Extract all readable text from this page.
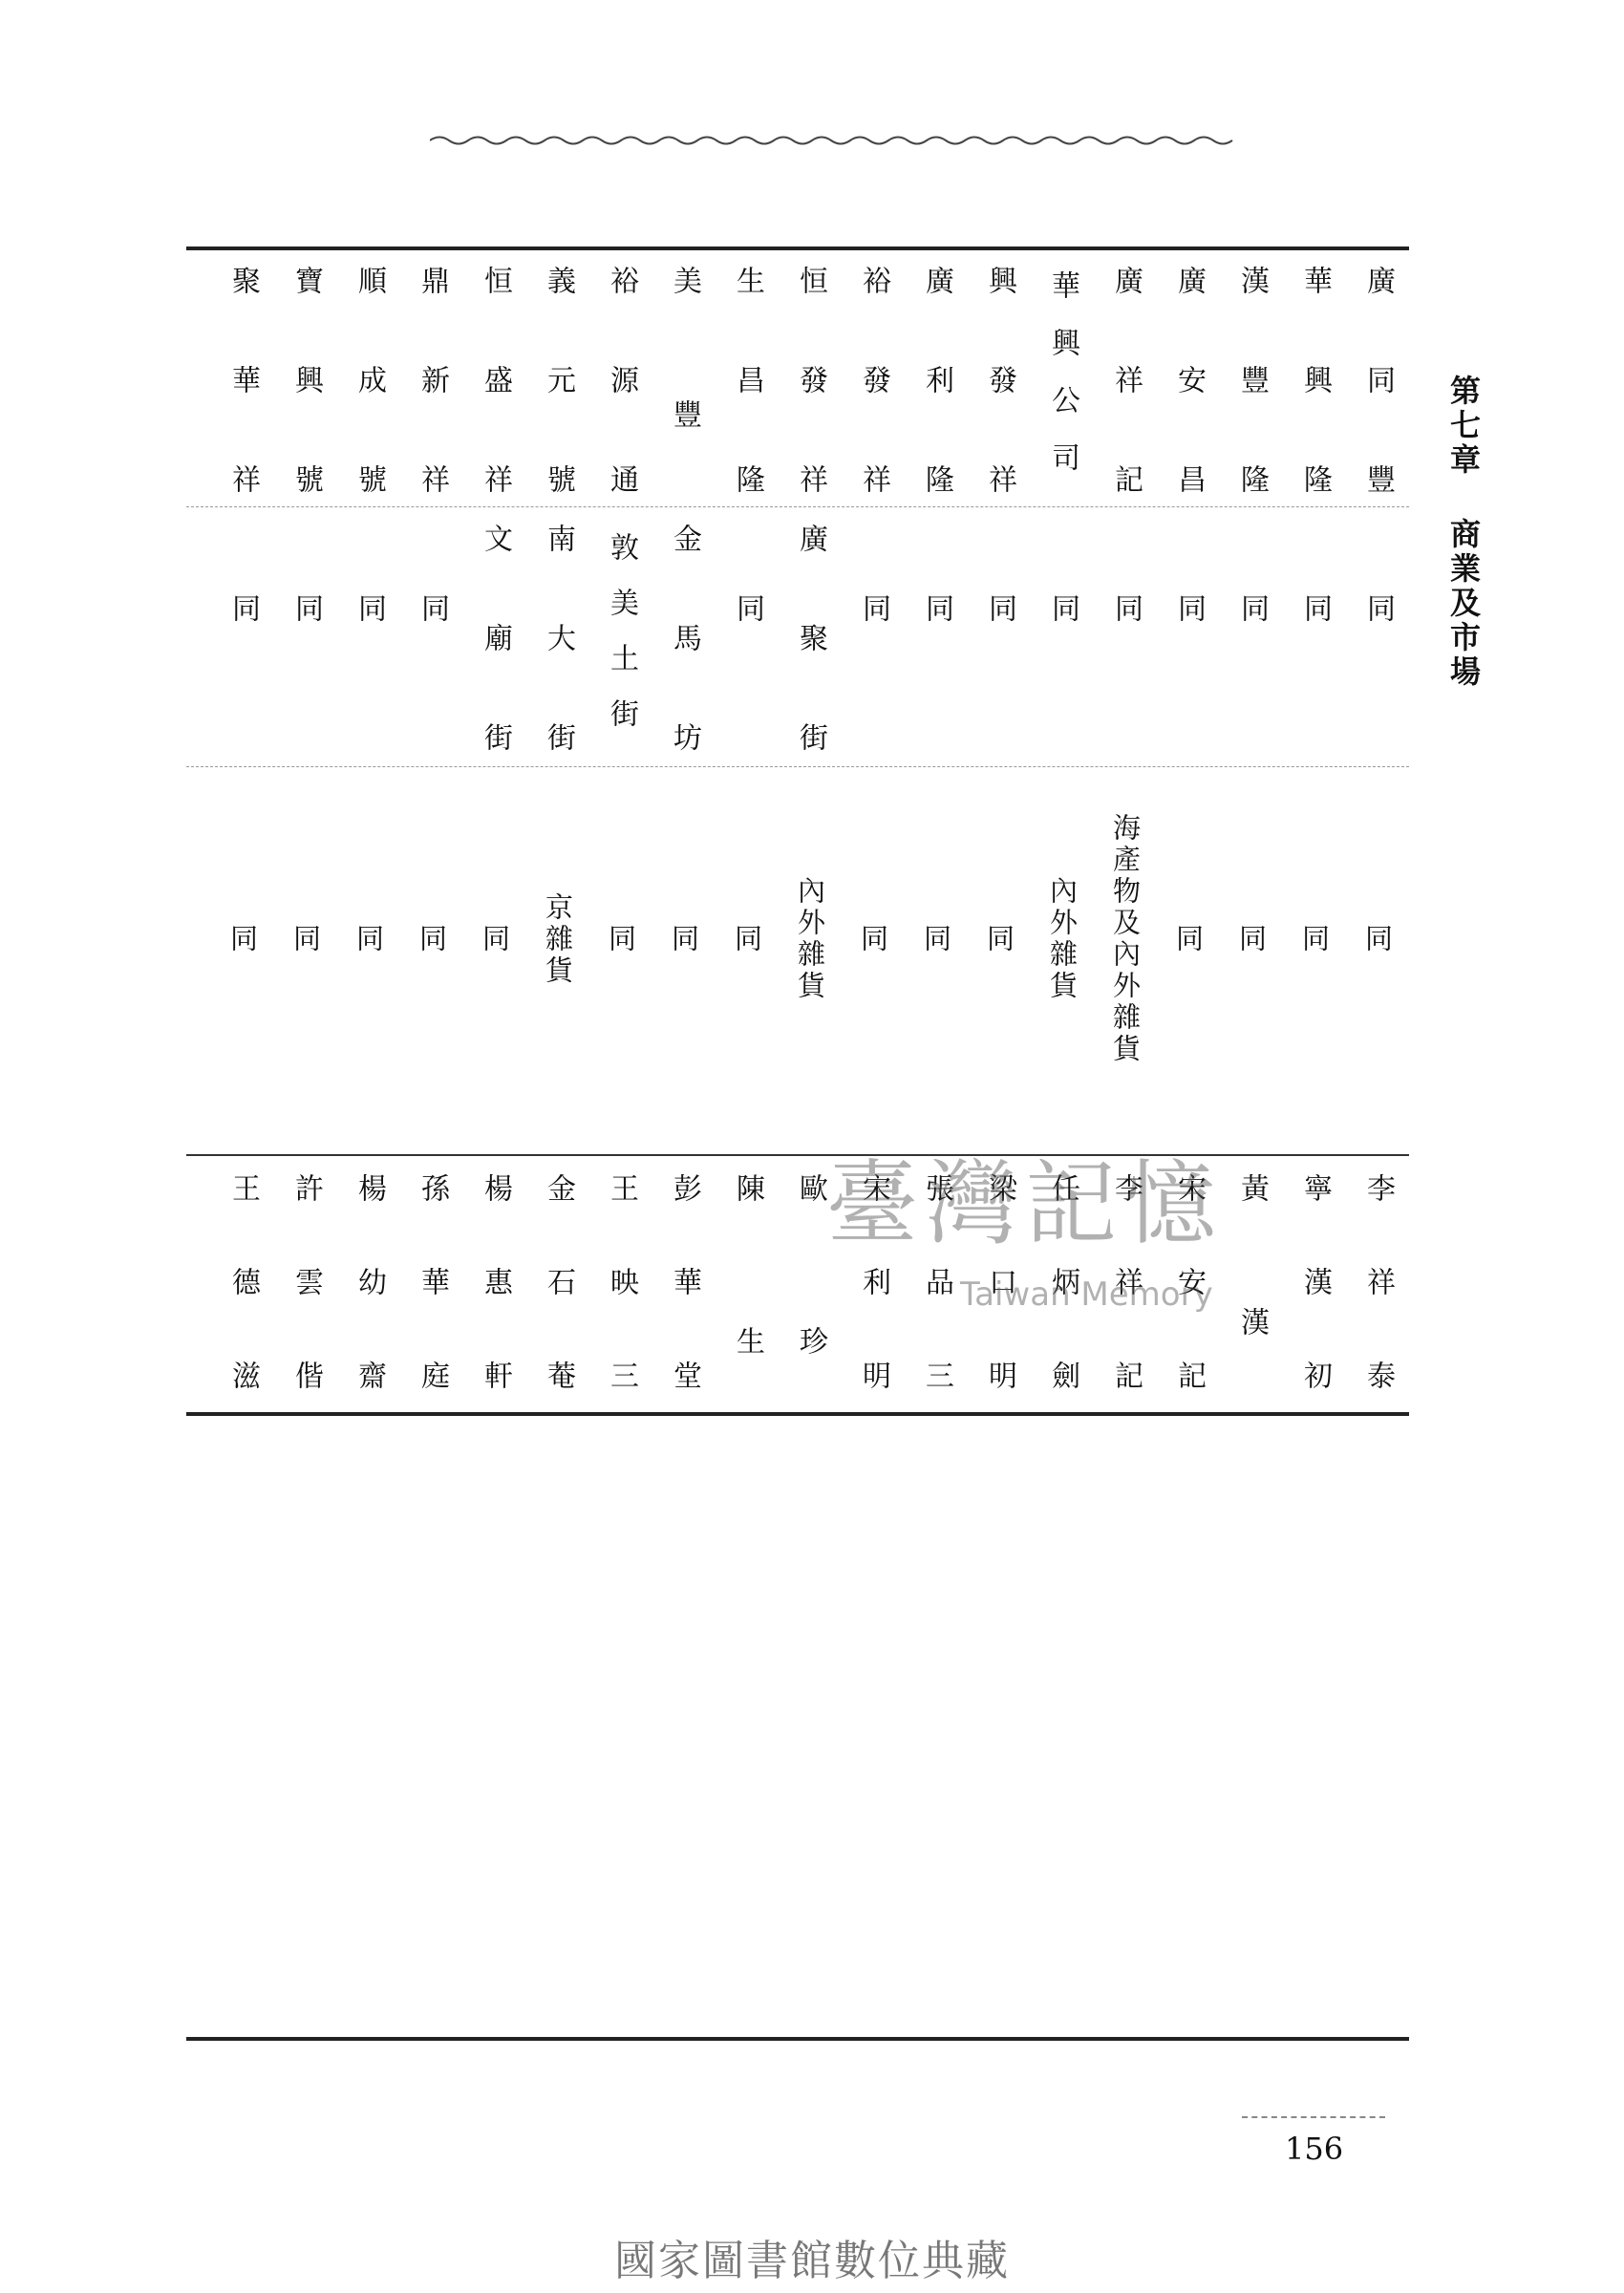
廣同豐
同
同
華興隆
同
同
漢豐隆
同
同
廣安昌
同
同
廣祥記
同
海產物及內外雜貨
華興公司
同
內外雜貨
興發祥
同
同
廣利隆
同
同
裕發祥
同
同
恒發祥
廣聚街
內外雜貨
生昌隆
同
同
美豐
金馬坊
同
裕源通
敦美土街
同
義元號
南大街
京雜貨
恒盛祥
文廟街
同
鼎新祥
同
同
順成號
同
同
寶興號
同
同
聚華祥
同
同
李祥泰
寧漢初
黃漢
宋安記
李祥記
任炳劍
梁口明
張品三
宋利明
歐珍
陳生
彭華堂
王映三
金石菴
楊惠軒
孫華庭
楊幼齋
許雲偕
王德滋	臺灣記憶
Taiwan Memory
第七章 商業及市場
156
國家圖書館數位典藏
